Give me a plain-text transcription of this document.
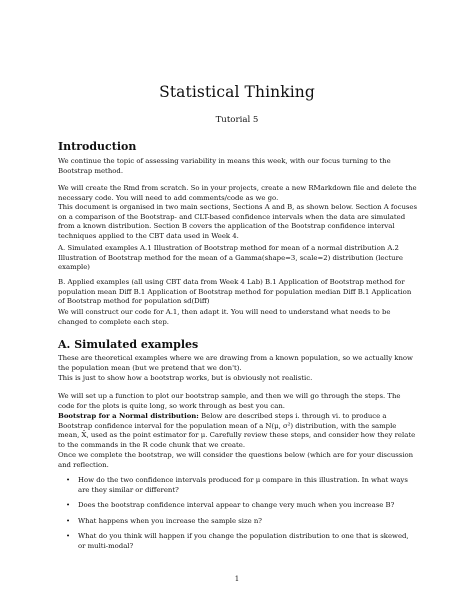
Statistical Thinking
Tutorial 5
Introduction
We continue the topic of assessing variability in means this week, with our focus turning to the Bootstrap method.
We will create the Rmd from scratch. So in your projects, create a new RMarkdown file and delete the necessary code. You will need to add comments/code as we go.
This document is organised in two main sections, Sections A and B, as shown below. Section A focuses on a comparison of the Bootstrap- and CLT-based confidence intervals when the data are simulated from a known distribution. Section B covers the application of the Bootstrap confidence interval techniques applied to the CBT data used in Week 4.
A. Simulated examples A.1 Illustration of Bootstrap method for mean of a normal distribution A.2 Illustration of Bootstrap method for the mean of a Gamma(shape=3, scale=2) distribution (lecture example)
B. Applied examples (all using CBT data from Week 4 Lab) B.1 Application of Bootstrap method for population mean Diff B.1 Application of Bootstrap method for population median Diff B.1 Application of Bootstrap method for population sd(Diff)
We will construct our code for A.1, then adapt it. You will need to understand what needs to be changed to complete each step.
A. Simulated examples
These are theoretical examples where we are drawing from a known population, so we actually know the population mean (but we pretend that we don't).
This is just to show how a bootstrap works, but is obviously not realistic.
We will set up a function to plot our bootstrap sample, and then we will go through the steps. The code for the plots is quite long, so work through as best you can.
Bootstrap for a Normal distribution: Below are described steps i. through vi. to produce a Bootstrap confidence interval for the population mean of a N(μ, σ²) distribution, with the sample mean, X̄, used as the point estimator for μ. Carefully review these steps, and consider how they relate to the commands in the R code chunk that we create.
Once we complete the bootstrap, we will consider the questions below (which are for your discussion and reflection.
• How do the two confidence intervals produced for μ compare in this illustration. In what ways are they similar or different?
• Does the bootstrap confidence interval appear to change very much when you increase B?
• What happens when you increase the sample size n?
• What do you think will happen if you change the population distribution to one that is skewed, or multi-modal?
1
